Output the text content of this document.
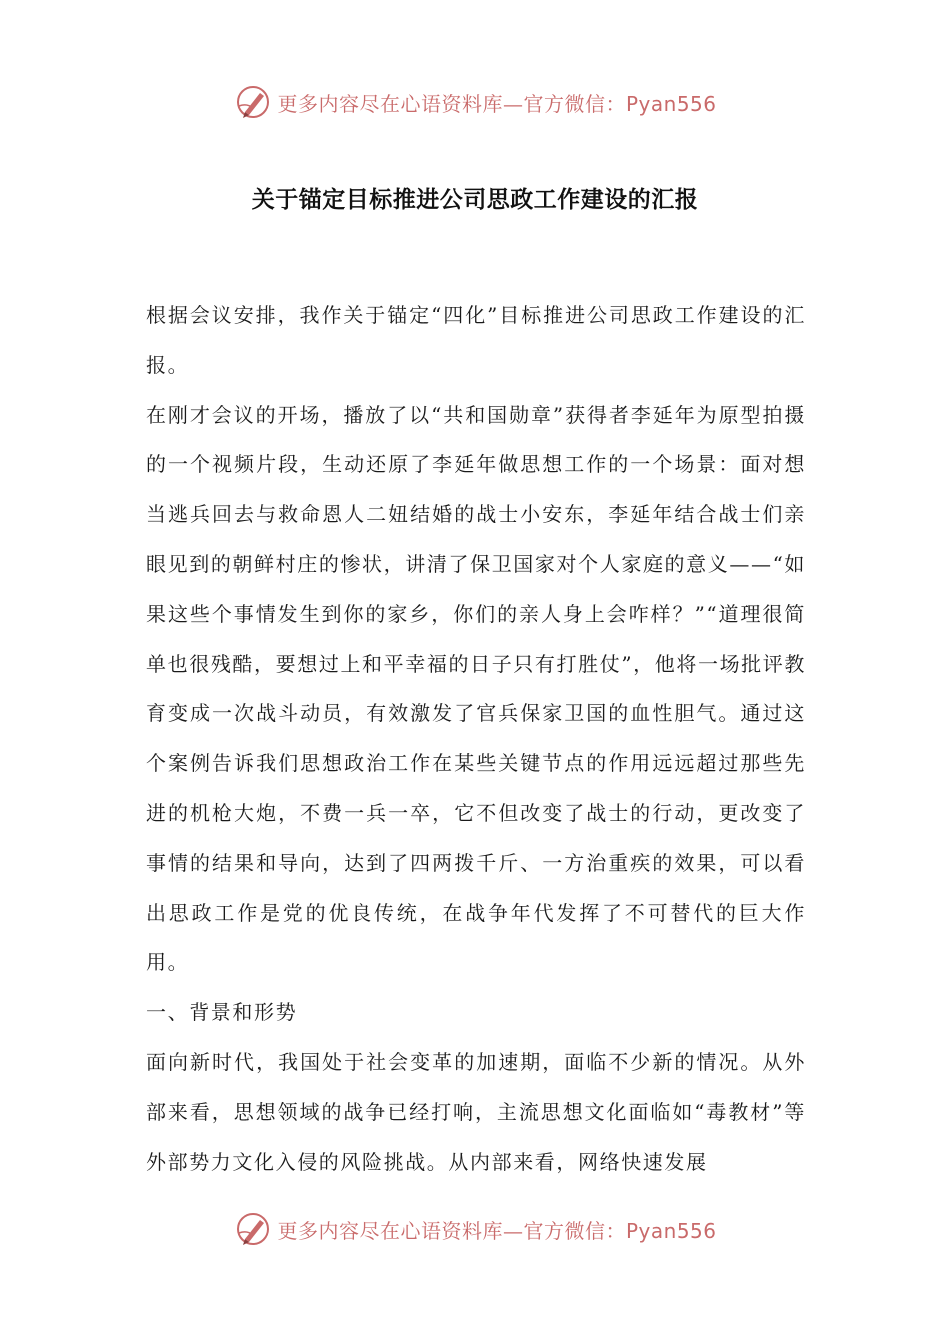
更多内容尽在心语资料库—官方微信：Pyan556
关于锚定目标推进公司思政工作建设的汇报

根据会议安排，我作关于锚定“四化”目标推进公司思政工作建设的汇报。

在刚才会议的开场，播放了以“共和国勋章”获得者李延年为原型拍摄的一个视频片段，生动还原了李延年做思想工作的一个场景：面对想当逃兵回去与救命恩人二妞结婚的战士小安东，李延年结合战士们亲眼见到的朝鲜村庄的惨状，讲清了保卫国家对个人家庭的意义——“如果这些个事情发生到你的家乡，你们的亲人身上会咋样？”“道理很简单也很残酷，要想过上和平幸福的日子只有打胜仗”，他将一场批评教育变成一次战斗动员，有效激发了官兵保家卫国的血性胆气。通过这个案例告诉我们思想政治工作在某些关键节点的作用远远超过那些先进的机枪大炮，不费一兵一卒，它不但改变了战士的行动，更改变了事情的结果和导向，达到了四两拨千斤、一方治重疾的效果，可以看出思政工作是党的优良传统，在战争年代发挥了不可替代的巨大作用。

一、背景和形势

面向新时代，我国处于社会变革的加速期，面临不少新的情况。从外部来看，思想领域的战争已经打响，主流思想文化面临如“毒教材”等外部势力文化入侵的风险挑战。从内部来看，网络快速发展

更多内容尽在心语资料库—官方微信：Pyan556
